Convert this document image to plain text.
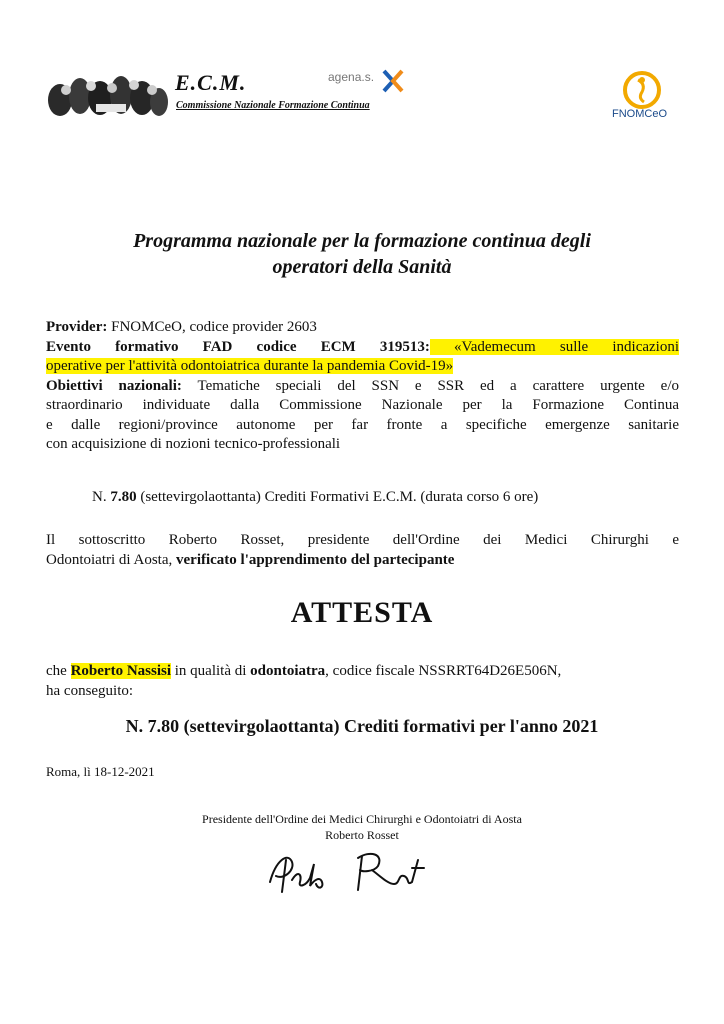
E.C.M.
Commissione Nazionale Formazione Continua
agena.s.
FNOMCeO
Programma nazionale per la formazione continua degli
operatori della Sanità
Provider: FNOMCeO, codice provider 2603
Evento formativo FAD codice ECM 319513: «Vademecum sulle indicazioni
operative per l'attività odontoiatrica durante la pandemia Covid-19»
Obiettivi nazionali: Tematiche speciali del SSN e SSR ed a carattere urgente e/o
straordinario individuate dalla Commissione Nazionale per la Formazione Continua
e dalle regioni/province autonome per far fronte a specifiche emergenze sanitarie
con acquisizione di nozioni tecnico-professionali
N. 7.80 (settevirgolaottanta) Crediti Formativi E.C.M. (durata corso 6 ore)
Il sottoscritto Roberto Rosset, presidente dell'Ordine dei Medici Chirurghi e
Odontoiatri di Aosta, verificato l'apprendimento del partecipante
ATTESTA
che Roberto Nassisi in qualità di odontoiatra, codice fiscale NSSRRT64D26E506N,
ha conseguito:
N. 7.80 (settevirgolaottanta) Crediti formativi per l'anno 2021
Roma, lì 18-12-2021
Presidente dell'Ordine dei Medici Chirurghi e Odontoiatri di Aosta
Roberto Rosset
